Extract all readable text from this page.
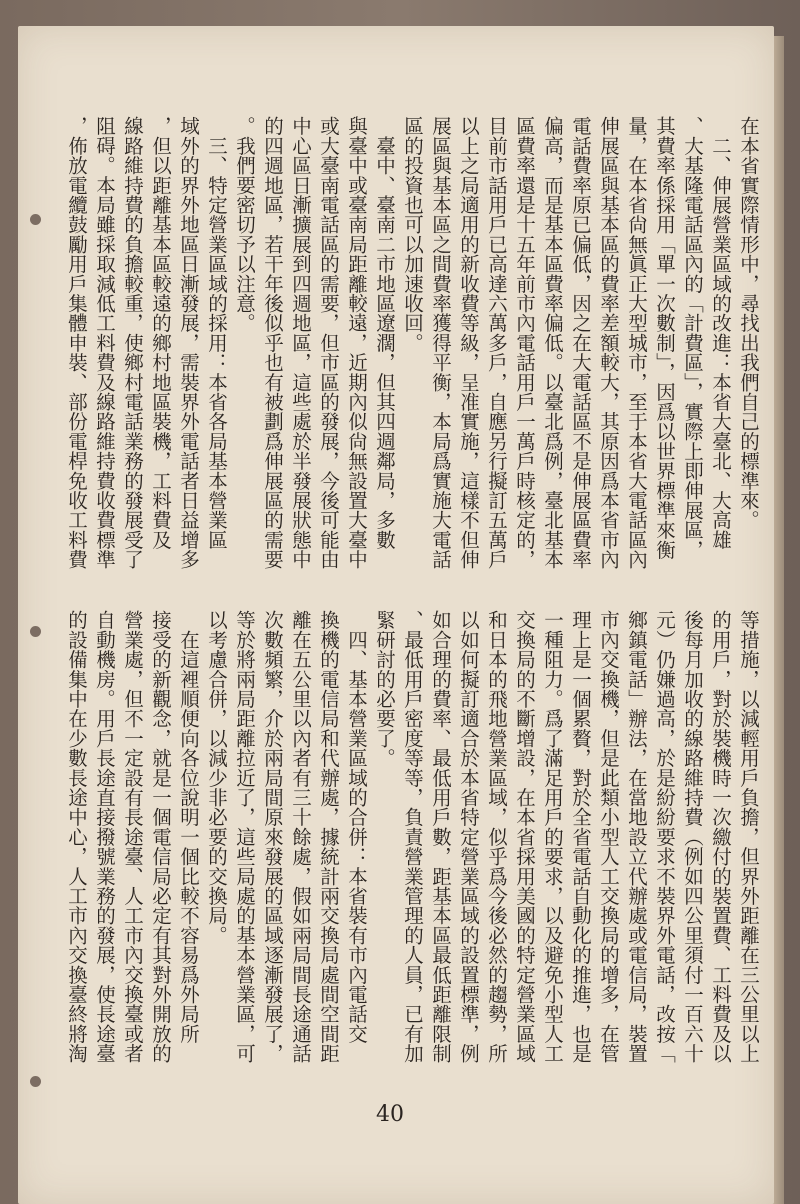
在本省實際情形中，尋找出我們自己的標準來。
　二、伸展營業區域的改進：本省大臺北、大高雄
、大基隆電話區內的「計費區」，實際上即伸展區，
其費率係採用「單一次數制」，因爲以世界標準來衡
量，在本省尙無眞正大型城市，至于本省大電話區內
伸展區與基本區的費率差額較大，其原因爲本省市內
電話費率原已偏低，因之在大電話區不是伸展區費率
偏高，而是基本區費率偏低。以臺北爲例，臺北基本
區費率還是十五年前市內電話用戶一萬戶時核定的，
目前市話用戶已高達六萬多戶，自應另行擬訂五萬戶
以上之局適用的新收費等級，呈准實施，這樣不但伸
展區與基本區之間費率獲得平衡，本局爲實施大電話
區的投資也可以加速收回。
　臺中、臺南二市地區遼濶，但其四週鄰局，多數
與臺中或臺南局距離較遠，近期內似尙無設置大臺中
或大臺南電話區的需要，但市區的發展，今後可能由
中心區日漸擴展到四週地區，這些處於半發展狀態中
的四週地區，若干年後似乎也有被劃爲伸展區的需要
。我們要密切予以注意。
　三、特定營業區域的採用：本省各局基本營業區
域外的界外地區日漸發展，需裝界外電話者日益增多
，但以距離基本區較遠的鄉村地區裝機，工料費及
線路維持費的負擔較重，使鄉村電話業務的發展受了
阻碍。本局雖採取減低工料費及線路維持費收費標準
，佈放電纜鼓勵用戶集體申裝、部份電桿免收工料費
等措施，以減輕用戶負擔，但界外距離在三公里以上
的用戶，對於裝機時一次繳付的裝置費、工料費及以
後每月加收的線路維持費（例如四公里須付一百六十
元）仍嫌過高，於是紛紛要求不裝界外電話，改按「
鄉鎮電話」辦法，在當地設立代辦處或電信局，裝置
市內交換機，但是此類小型人工交換局的增多，在管
理上是一個累贅，對於全省電話自動化的推進，也是
一種阻力。爲了滿足用戶的要求，以及避免小型人工
交換局的不斷增設，在本省採用美國的特定營業區域
和日本的飛地營業區域，似乎爲今後必然的趨勢，所
以如何擬訂適合於本省特定營業區域的設置標準，例
如合理的費率、最低用戶數，距基本區最低距離限制
、最低用戶密度等等，負責營業管理的人員，已有加
緊研討的必要了。
　四、基本營業區域的合併：本省裝有市內電話交
換機的電信局和代辦處，據統計兩交換局處間空間距
離在五公里以內者有三十餘處，假如兩局間長途通話
次數頻繁，介於兩局間原來發展的區域逐漸發展了，
等於將兩局距離拉近了，這些局處的基本營業區，可
以考慮合併，以減少非必要的交換局。
　在這裡順便向各位說明一個比較不容易爲外局所
接受的新觀念，就是一個電信局必定有其對外開放的
營業處，但不一定設有長途臺、人工市內交換臺或者
自動機房。用戶長途直接撥號業務的發展，使長途臺
的設備集中在少數長途中心，人工市內交換臺終將淘
40
